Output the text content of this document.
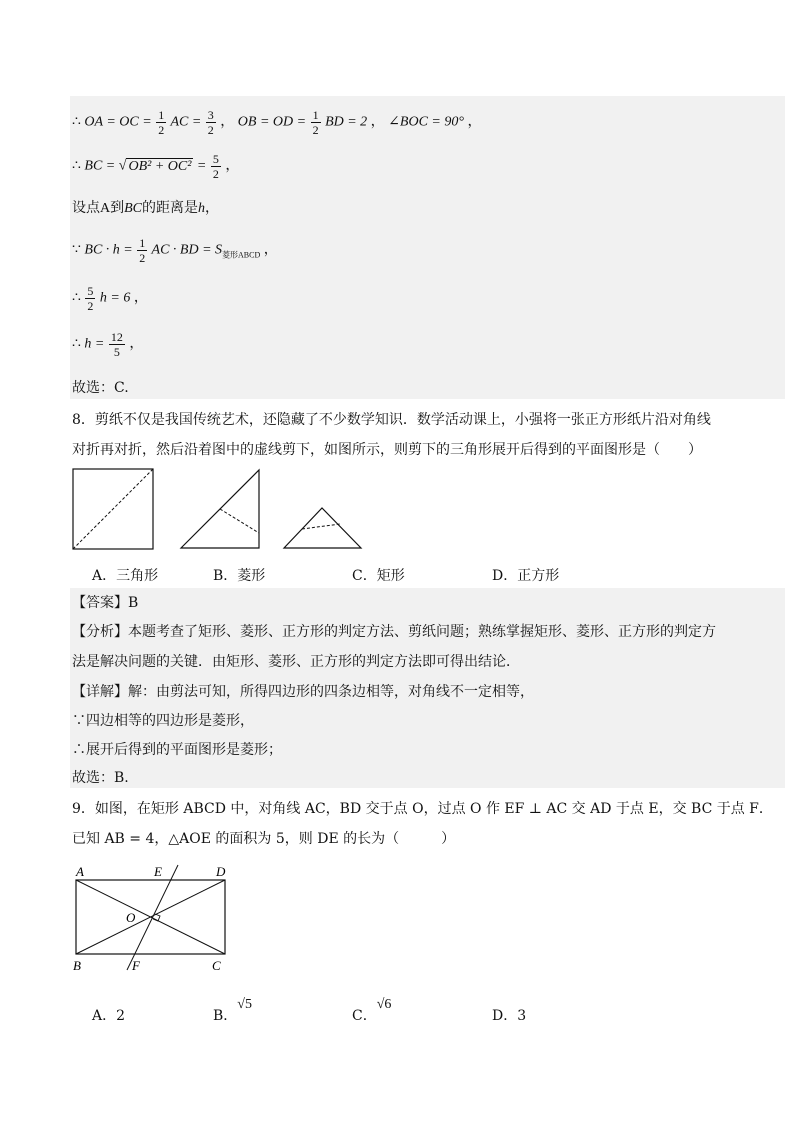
∴ OA = OC = $\frac{1}{2}$ AC = $\frac{3}{2}$ ， OB = OD = $\frac{1}{2}$ BD = 2 ， ∠BOC = 90° ，
∴ BC = √ $OB^2 + OC^2 = \frac{5}{2}$ ，
设点A到BC的距离是h，
∵ BC · $h = \frac{1}{2}$ AC · BD = $S_{菱形ABCD}$ ，
∴ $\frac{5}{2}$ h = 6 ，
∴ $h = \frac{12}{5}$ ，
故选：C.
8．剪纸不仅是我国传统艺术，还隐藏了不少数学知识．数学活动课上，小强将一张正方形纸片沿对角线
对折再对折，然后沿着图中的虚线剪下，如图所示，则剪下的三角形展开后得到的平面图形是（　　）
A．三角形	B．菱形	C．矩形	D．正方形
【答案】B
【分析】本题考查了矩形、菱形、正方形的判定方法、剪纸问题；熟练掌握矩形、菱形、正方形的判定方
法是解决问题的关键．由矩形、菱形、正方形的判定方法即可得出结论．
【详解】解：由剪法可知，所得四边形的四条边相等，对角线不一定相等，
∵四边相等的四边形是菱形，
∴展开后得到的平面图形是菱形；
故选：B.
9．如图，在矩形 ABCD 中，对角线 AC，BD 交于点 O，过点 O 作 EF ⊥ AC 交 AD 于点 E，交 BC 于点 F．
已知 AB = 4，△AOE 的面积为 5，则 DE 的长为（　　　）
A	E	D
O
B	F	C
A．2	B．√5
C．√6
D．3
